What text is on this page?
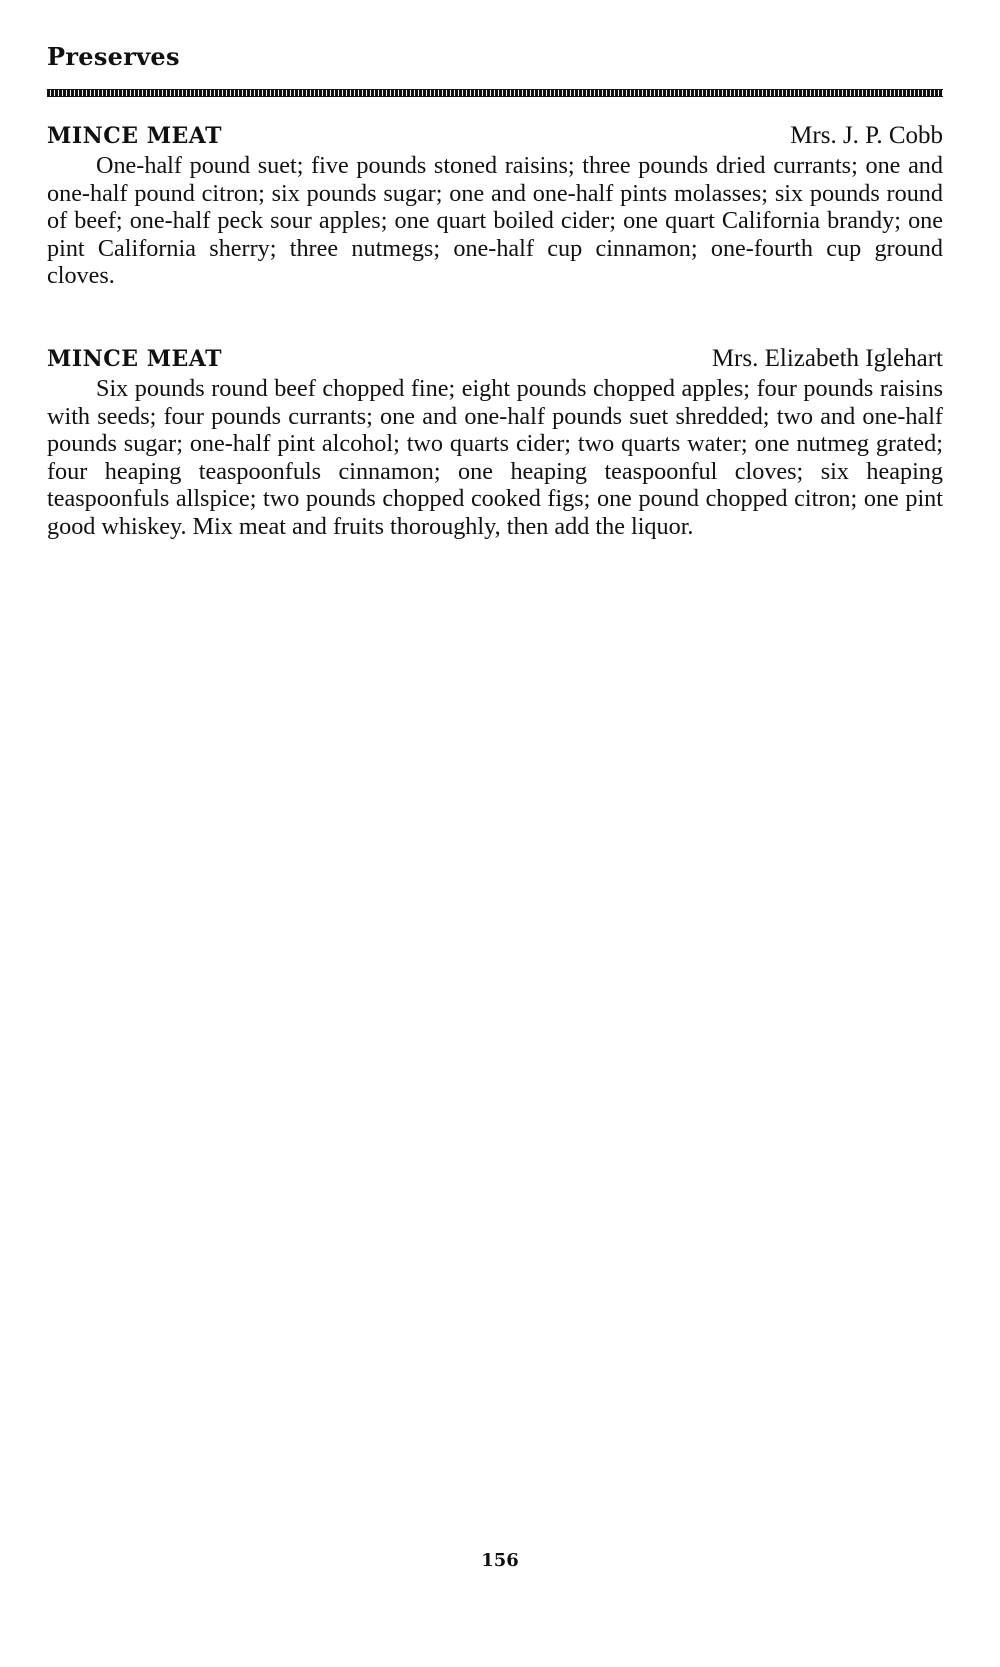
Preserves
MINCE MEAT	Mrs. J. P. Cobb

One-half pound suet; five pounds stoned raisins; three pounds dried currants; one and one-half pound citron; six pounds sugar; one and one-half pints molasses; six pounds round of beef; one-half peck sour apples; one quart boiled cider; one quart California brandy; one pint California sherry; three nutmegs; one-half cup cinnamon; one-fourth cup ground cloves.

MINCE MEAT	Mrs. Elizabeth Iglehart

Six pounds round beef chopped fine; eight pounds chopped apples; four pounds raisins with seeds; four pounds currants; one and one-half pounds suet shredded; two and one-half pounds sugar; one-half pint alcohol; two quarts cider; two quarts water; one nutmeg grated; four heaping teaspoonfuls cinnamon; one heaping teaspoonful cloves; six heaping teaspoonfuls allspice; two pounds chopped cooked figs; one pound chopped citron; one pint good whiskey. Mix meat and fruits thoroughly, then add the liquor.

156
